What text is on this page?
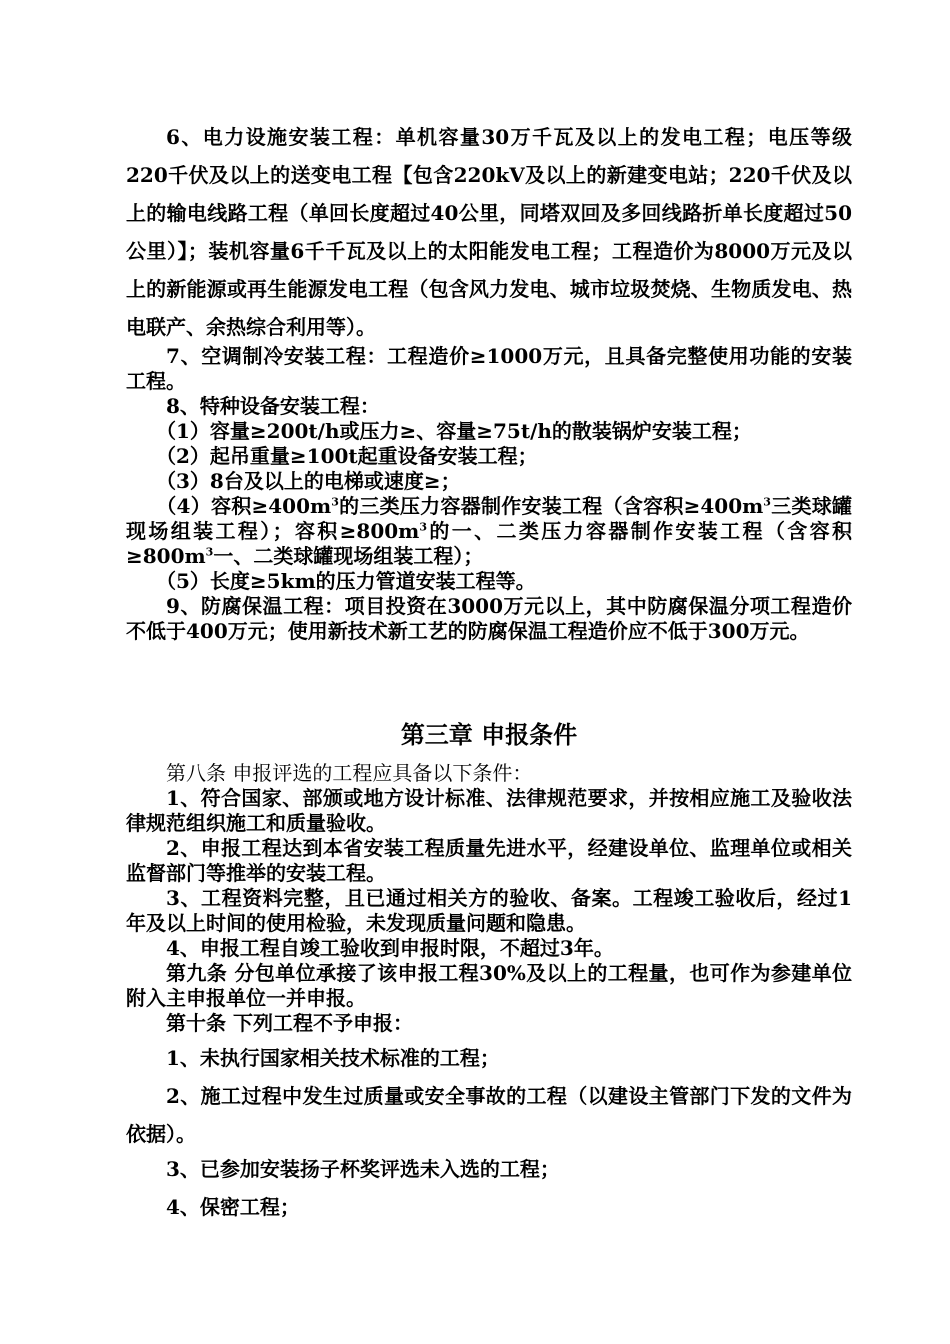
6、电力设施安装工程：单机容量30万千瓦及以上的发电工程；电压等级　220千伏及以上的送变电工程【包含220kV及以上的新建变电站；220千伏及以上的输电线路工程（单回长度超过40公里，同塔双回及多回线路折单长度超过50公里）】；装机容量6千千瓦及以上的太阳能发电工程；工程造价为8000万元及以上的新能源或再生能源发电工程（包含风力发电、城市垃圾焚烧、生物质发电、热电联产、余热综合利用等）。

7、空调制冷安装工程：工程造价≥1000万元，且具备完整使用功能的安装工程。

8、特种设备安装工程：

（1）容量≥200t/h或压力≥、容量≥75t/h的散装锅炉安装工程；

（2）起吊重量≥100t起重设备安装工程；

（3）8台及以上的电梯或速度≥；

（4）容积$\ge 400m^3$的三类压力容器制作安装工程（含容积$\ge 400m^3$三类球罐现场组装工程）；容积$\ge 800m^3$的一、二类压力容器制作安装工程（含容积$\ge 800m^3$一、二类球罐现场组装工程）；

（5）长度≥5km的压力管道安装工程等。

9、防腐保温工程：项目投资在3000万元以上，其中防腐保温分项工程造价不低于400万元；使用新技术新工艺的防腐保温工程造价应不低于300万元。

第三章 申报条件

第八条 申报评选的工程应具备以下条件：

1、符合国家、部颁或地方设计标准、法律规范要求，并按相应施工及验收法律规范组织施工和质量验收。

2、申报工程达到本省安装工程质量先进水平，经建设单位、监理单位或相关监督部门等推举的安装工程。

3、工程资料完整，且已通过相关方的验收、备案。工程竣工验收后，经过1年及以上时间的使用检验，未发现质量问题和隐患。

4、申报工程自竣工验收到申报时限，不超过3年。

第九条 分包单位承接了该申报工程30%及以上的工程量，也可作为参建单位附入主申报单位一并申报。

第十条 下列工程不予申报：

1、未执行国家相关技术标准的工程；

2、施工过程中发生过质量或安全事故的工程（以建设主管部门下发的文件为依据）。

3、已参加安装扬子杯奖评选未入选的工程；

4、保密工程；
